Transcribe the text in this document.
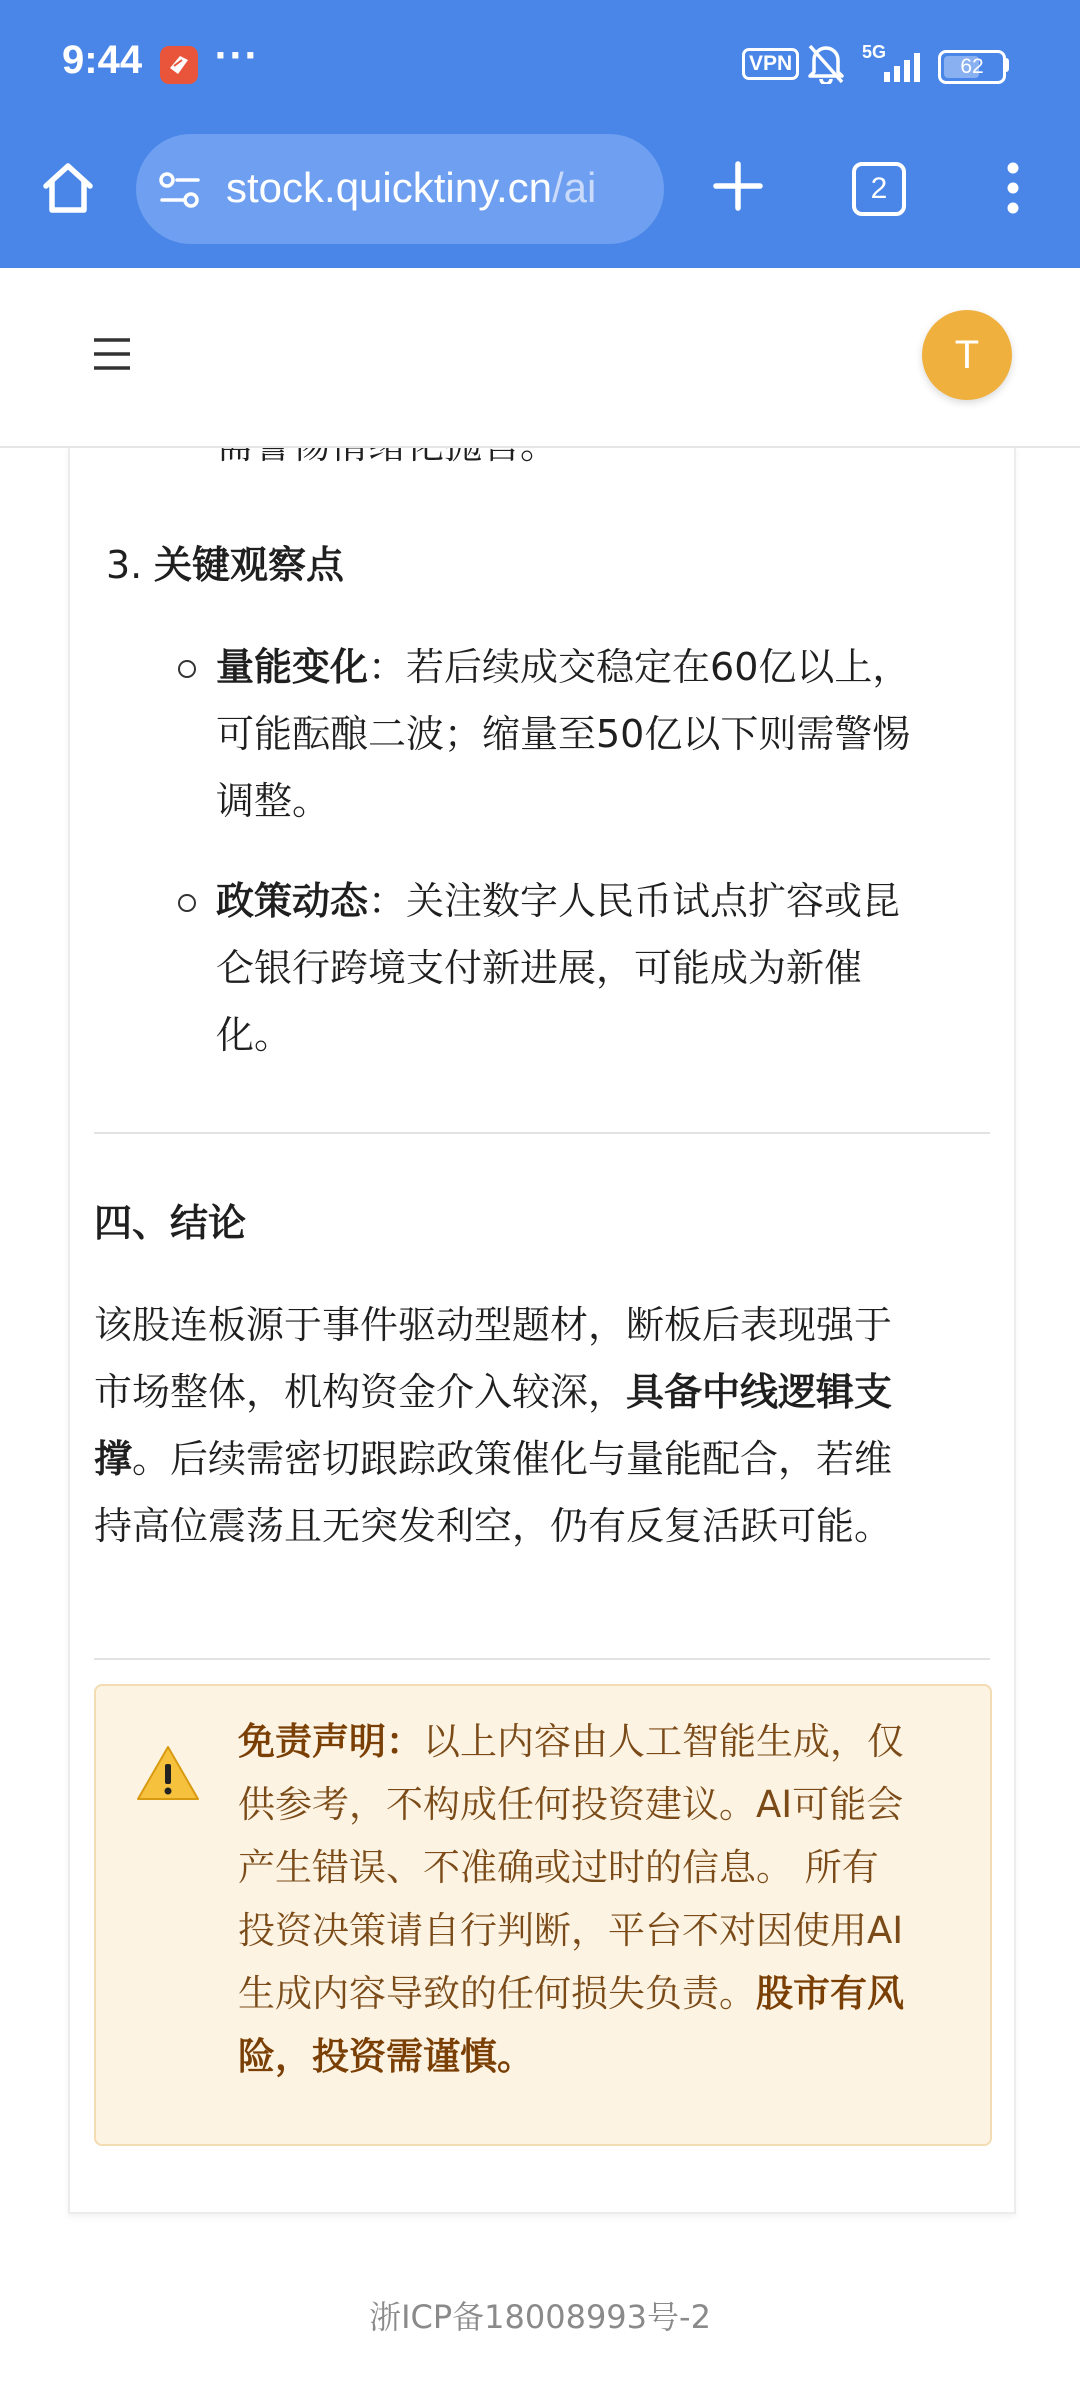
9:44 ···	VPN	5G
62
stock.quicktiny.cn/ai	2
3. 关键观察点
量能变化：若后续成交稳定在60亿以上，
可能酝酿二波；缩量至50亿以下则需警惕
调整。
政策动态：关注数字人民币试点扩容或昆
仑银行跨境支付新进展，可能成为新催
化。
四、结论
该股连板源于事件驱动型题材，断板后表现强于
市场整体，机构资金介入较深，具备中线逻辑支
撑。后续需密切跟踪政策催化与量能配合，若维
持高位震荡且无突发利空，仍有反复活跃可能。
免责声明：以上内容由人工智能生成，仅
供参考，不构成任何投资建议。AI可能会
产生错误、不准确或过时的信息。 所有
投资决策请自行判断，平台不对因使用AI
生成内容导致的任何损失负责。股市有风
险，投资需谨慎。
T
浙ICP备18008993号-2
